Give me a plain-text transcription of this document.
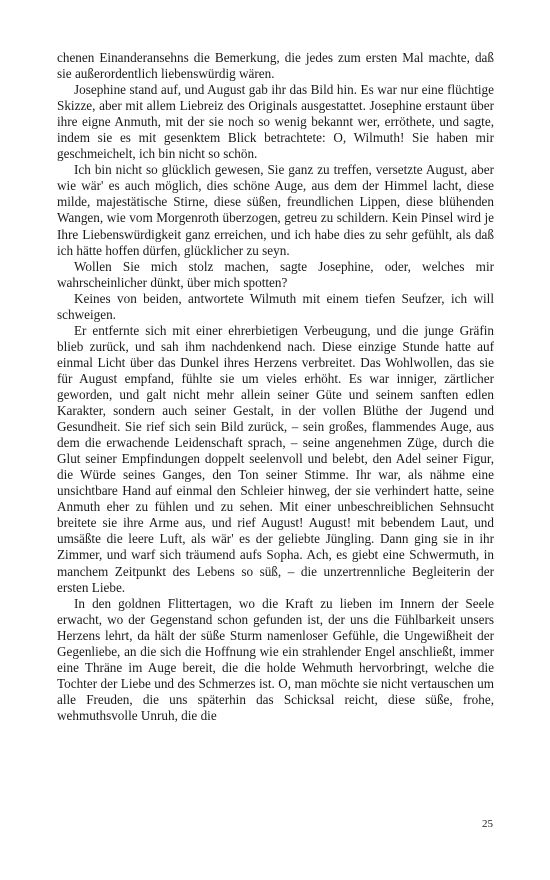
chenen Einanderansehns die Bemerkung, die jedes zum ersten Mal machte, daß sie außerordentlich liebenswürdig wären.

Josephine stand auf, und August gab ihr das Bild hin. Es war nur eine flüchtige Skizze, aber mit allem Liebreiz des Originals ausgestattet. Josephine erstaunt über ihre eigne Anmuth, mit der sie noch so wenig bekannt wer, erröthete, und sagte, indem sie es mit gesenktem Blick betrachtete: O, Wilmuth! Sie haben mir geschmeichelt, ich bin nicht so schön.

Ich bin nicht so glücklich gewesen, Sie ganz zu treffen, versetzte August, aber wie wär' es auch möglich, dies schöne Auge, aus dem der Himmel lacht, diese milde, majestätische Stirne, diese süßen, freundlichen Lippen, diese blühenden Wangen, wie vom Morgenroth überzogen, getreu zu schildern. Kein Pinsel wird je Ihre Liebenswürdigkeit ganz erreichen, und ich habe dies zu sehr gefühlt, als daß ich hätte hoffen dürfen, glücklicher zu seyn.

Wollen Sie mich stolz machen, sagte Josephine, oder, welches mir wahrscheinlicher dünkt, über mich spotten?

Keines von beiden, antwortete Wilmuth mit einem tiefen Seufzer, ich will schweigen.

Er entfernte sich mit einer ehrerbietigen Verbeugung, und die junge Gräfin blieb zurück, und sah ihm nachdenkend nach. Diese einzige Stunde hatte auf einmal Licht über das Dunkel ihres Herzens verbreitet. Das Wohlwollen, das sie für August empfand, fühlte sie um vieles erhöht. Es war inniger, zärtlicher geworden, und galt nicht mehr allein seiner Güte und seinem sanften edlen Karakter, sondern auch seiner Gestalt, in der vollen Blüthe der Jugend und Gesundheit. Sie rief sich sein Bild zurück, – sein großes, flammendes Auge, aus dem die erwachende Leidenschaft sprach, – seine angenehmen Züge, durch die Glut seiner Empfindungen doppelt seelenvoll und belebt, den Adel seiner Figur, die Würde seines Ganges, den Ton seiner Stimme. Ihr war, als nähme eine unsichtbare Hand auf einmal den Schleier hinweg, der sie verhindert hatte, seine Anmuth eher zu fühlen und zu sehen. Mit einer unbeschreiblichen Sehnsucht breitete sie ihre Arme aus, und rief August! August! mit bebendem Laut, und umsäßte die leere Luft, als wär' es der geliebte Jüngling. Dann ging sie in ihr Zimmer, und warf sich träumend aufs Sopha. Ach, es giebt eine Schwermuth, in manchem Zeitpunkt des Lebens so süß, – die unzertrennliche Begleiterin der ersten Liebe.

In den goldnen Flittertagen, wo die Kraft zu lieben im Innern der Seele erwacht, wo der Gegenstand schon gefunden ist, der uns die Fühlbarkeit unsers Herzens lehrt, da hält der süße Sturm namenloser Gefühle, die Ungewißheit der Gegenliebe, an die sich die Hoffnung wie ein strahlender Engel anschließt, immer eine Thräne im Auge bereit, die die holde Wehmuth hervorbringt, welche die Tochter der Liebe und des Schmerzes ist. O, man möchte sie nicht vertauschen um alle Freuden, die uns späterhin das Schicksal reicht, diese süße, frohe, wehmuthsvolle Unruh, die die

25
